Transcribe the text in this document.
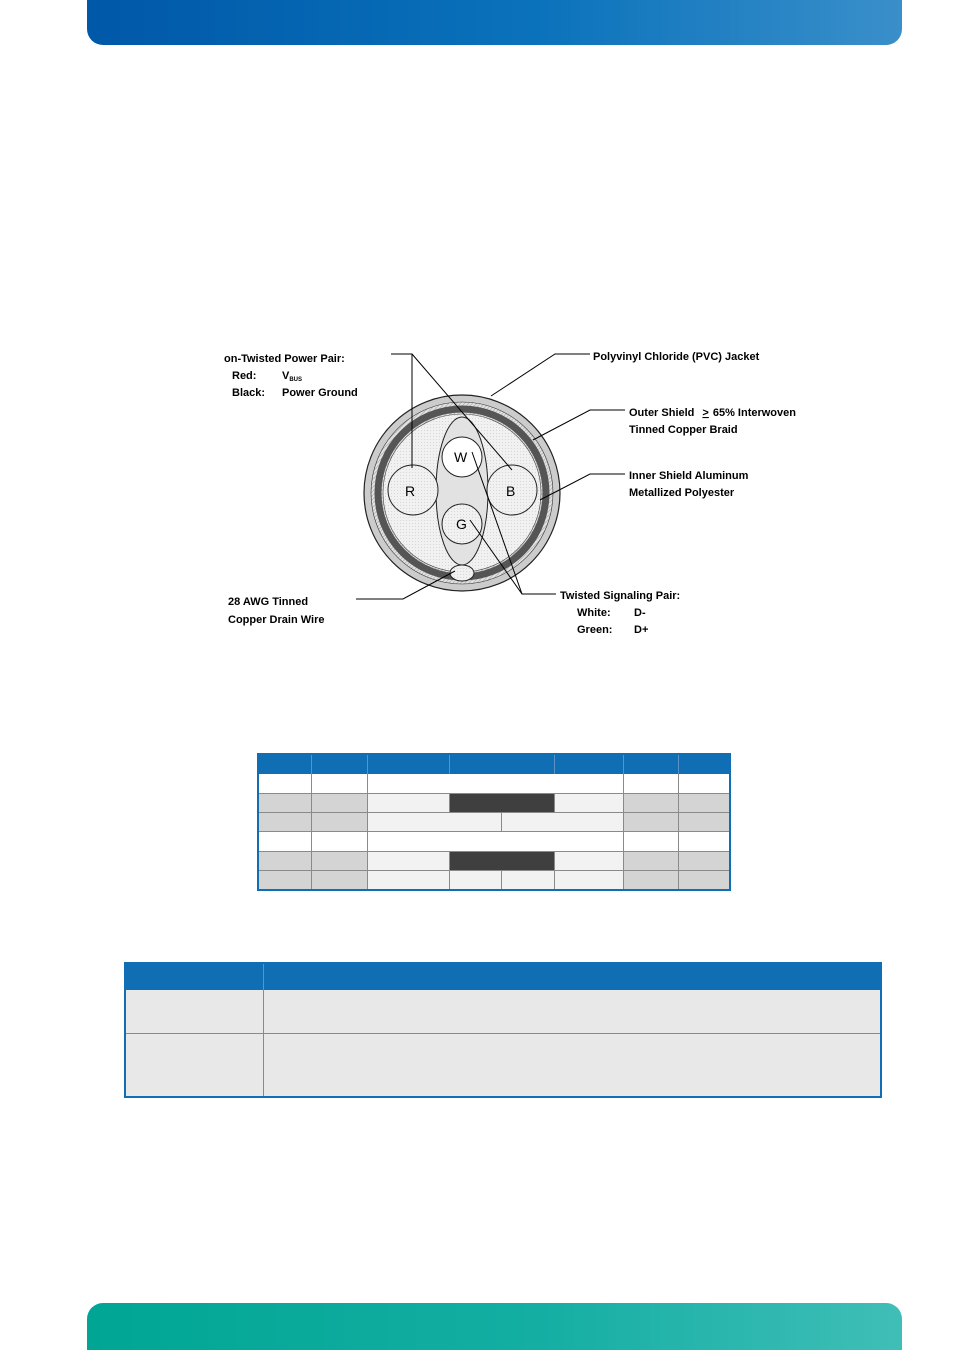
R	B
W
G
on-Twisted Power Pair:
Red: VBUS
Black: Power Ground
Polyvinyl Chloride (PVC) Jacket
Outer Shield > 65% Interwoven
Tinned Copper Braid
Inner Shield Aluminum
Metallized Polyester
28 AWG Tinned
Copper Drain Wire
Twisted Signaling Pair:
White: D-
Green: D+
